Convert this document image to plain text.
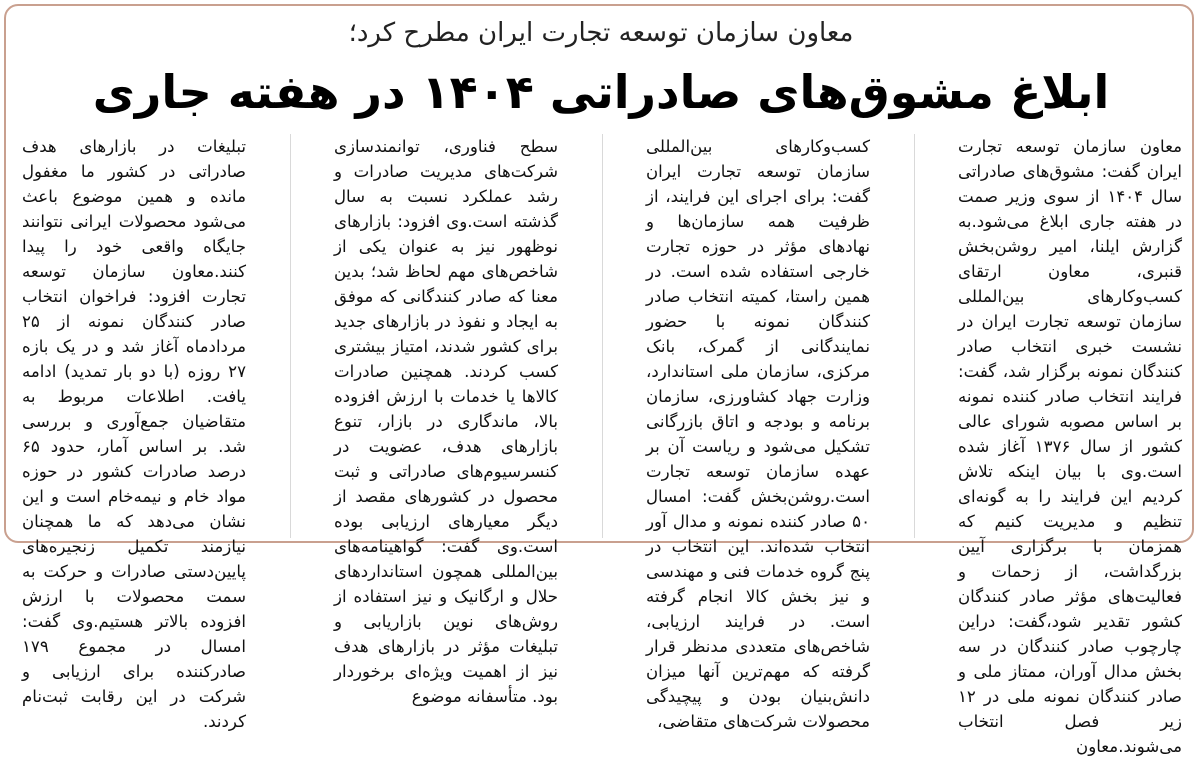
معاون سازمان توسعه تجارت ایران مطرح کرد؛
ابلاغ مشوق‌های صادراتی ۱۴۰۴ در هفته جاری
معاون سازمان توسعه تجارت ایران گفت: مشوق‌های صادراتی سال ۱۴۰۴ از سوی وزیر صمت در هفته جاری ابلاغ می‌شود.به گزارش ایلنا، امیر روشن‌بخش قنبری، معاون ارتقای کسب‌وکارهای بین‌المللی سازمان توسعه تجارت ایران در نشست خبری انتخاب صادر کنندگان نمونه برگزار شد، گفت: فرایند انتخاب صادر کننده نمونه بر اساس مصوبه شورای عالی کشور از سال ۱۳۷۶ آغاز شده است.وی با بیان اینکه تلاش کردیم این فرایند را به گونه‌ای تنظیم و مدیریت کنیم که همزمان با برگزاری آیین بزرگداشت، از زحمات و فعالیت‌های مؤثر صادر کنندگان کشور تقدیر شود،گفت: دراین چارچوب صادر کنندگان در سه بخش مدال آوران، ممتاز ملی و صادر کنندگان نمونه ملی در ۱۲ زیر فصل انتخاب می‌شوند.معاون
کسب‌وکارهای بین‌المللی سازمان توسعه تجارت ایران گفت: برای اجرای این فرایند، از ظرفیت همه سازمان‌ها و نهادهای مؤثر در حوزه تجارت خارجی استفاده شده است. در همین راستا، کمیته انتخاب صادر کنندگان نمونه با حضور نمایندگانی از گمرک، بانک مرکزی، سازمان ملی استاندارد، وزارت جهاد کشاورزی، سازمان برنامه و بودجه و اتاق بازرگانی تشکیل می‌شود و ریاست آن بر عهده سازمان توسعه تجارت است.روشن‌بخش گفت: امسال ۵۰ صادر کننده نمونه و مدال آور انتخاب شده‌اند. این انتخاب در پنج گروه خدمات فنی و مهندسی و نیز بخش کالا انجام گرفته است. در فرایند ارزیابی، شاخص‌های متعددی مدنظر قرار گرفته که مهم‌ترین آنها میزان دانش‌بنیان بودن و پیچیدگی محصولات شرکت‌های متقاضی،
سطح فناوری، توانمندسازی شرکت‌های مدیریت صادرات و رشد عملکرد نسبت به سال گذشته است.وی افزود: بازارهای نوظهور نیز به عنوان یکی از شاخص‌های مهم لحاظ شد؛ بدین معنا که صادر کنندگانی که موفق به ایجاد و نفوذ در بازارهای جدید برای کشور شدند، امتیاز بیشتری کسب کردند. همچنین صادرات کالاها یا خدمات با ارزش افزوده بالا، ماندگاری در بازار، تنوع بازارهای هدف، عضویت در کنسرسیوم‌های صادراتی و ثبت محصول در کشورهای مقصد از دیگر معیارهای ارزیابی بوده است.وی گفت: گواهینامه‌های بین‌المللی همچون استانداردهای حلال و ارگانیک و نیز استفاده از روش‌های نوین بازاریابی و تبلیغات مؤثر در بازارهای هدف نیز از اهمیت ویژه‌ای برخوردار بود. متأسفانه موضوع
تبلیغات در بازارهای هدف صادراتی در کشور ما مغفول مانده و همین موضوع باعث می‌شود محصولات ایرانی نتوانند جایگاه واقعی خود را پیدا کنند.معاون سازمان توسعه تجارت افزود: فراخوان انتخاب صادر کنندگان نمونه از ۲۵ مردادماه آغاز شد و در یک بازه ۲۷ روزه (با دو بار تمدید) ادامه یافت. اطلاعات مربوط به متقاضیان جمع‌آوری و بررسی شد. بر اساس آمار، حدود ۶۵ درصد صادرات کشور در حوزه مواد خام و نیمه‌خام است و این نشان می‌دهد که ما همچنان نیازمند تکمیل زنجیره‌های پایین‌دستی صادرات و حرکت به سمت محصولات با ارزش افزوده بالاتر هستیم.وی گفت: امسال در مجموع ۱۷۹ صادرکننده برای ارزیابی و شرکت در این رقابت ثبت‌نام کردند.
